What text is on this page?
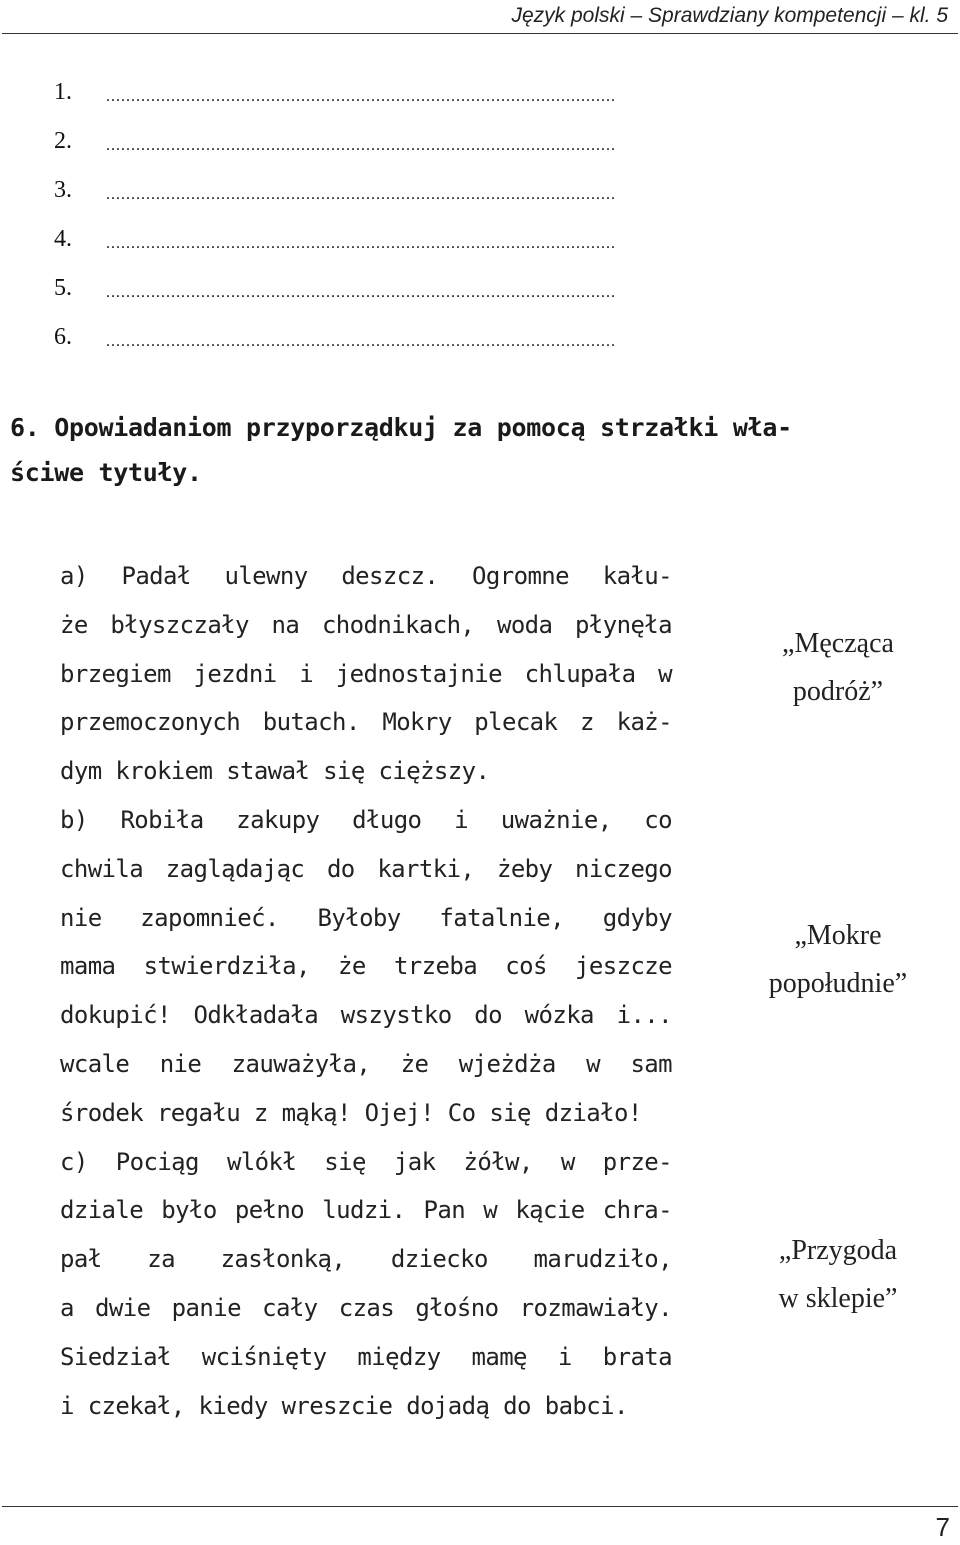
Język polski – Sprawdziany kompetencji – kl. 5
1.	......................................................................................................
2.	......................................................................................................
3.	......................................................................................................
4.	......................................................................................................
5.	......................................................................................................
6.	......................................................................................................
6. Opowiadaniom przyporządkuj za pomocą strzałki wła-
ściwe tytuły.
a) Padał ulewny deszcz. Ogromne kału-
że błyszczały na chodnikach, woda płynęła
brzegiem jezdni i jednostajnie chlupała w
przemoczonych butach. Mokry plecak z każ-
dym krokiem stawał się cięższy.
b) Robiła zakupy długo i uważnie, co
chwila zaglądając do kartki, żeby niczego
nie zapomnieć. Byłoby fatalnie, gdyby
mama stwierdziła, że trzeba coś jeszcze
dokupić! Odkładała wszystko do wózka i...
wcale nie zauważyła, że wjeżdża w sam
środek regału z mąką! Ojej! Co się działo!
c) Pociąg wlókł się jak żółw, w prze-
dziale było pełno ludzi. Pan w kącie chra-
pał za zasłonką, dziecko marudziło,
a dwie panie cały czas głośno rozmawiały.
Siedział wciśnięty między mamę i brata
i czekał, kiedy wreszcie dojadą do babci.
„Męcząca
podróż”
„Mokre
popołudnie”
„Przygoda
w sklepie”
7
